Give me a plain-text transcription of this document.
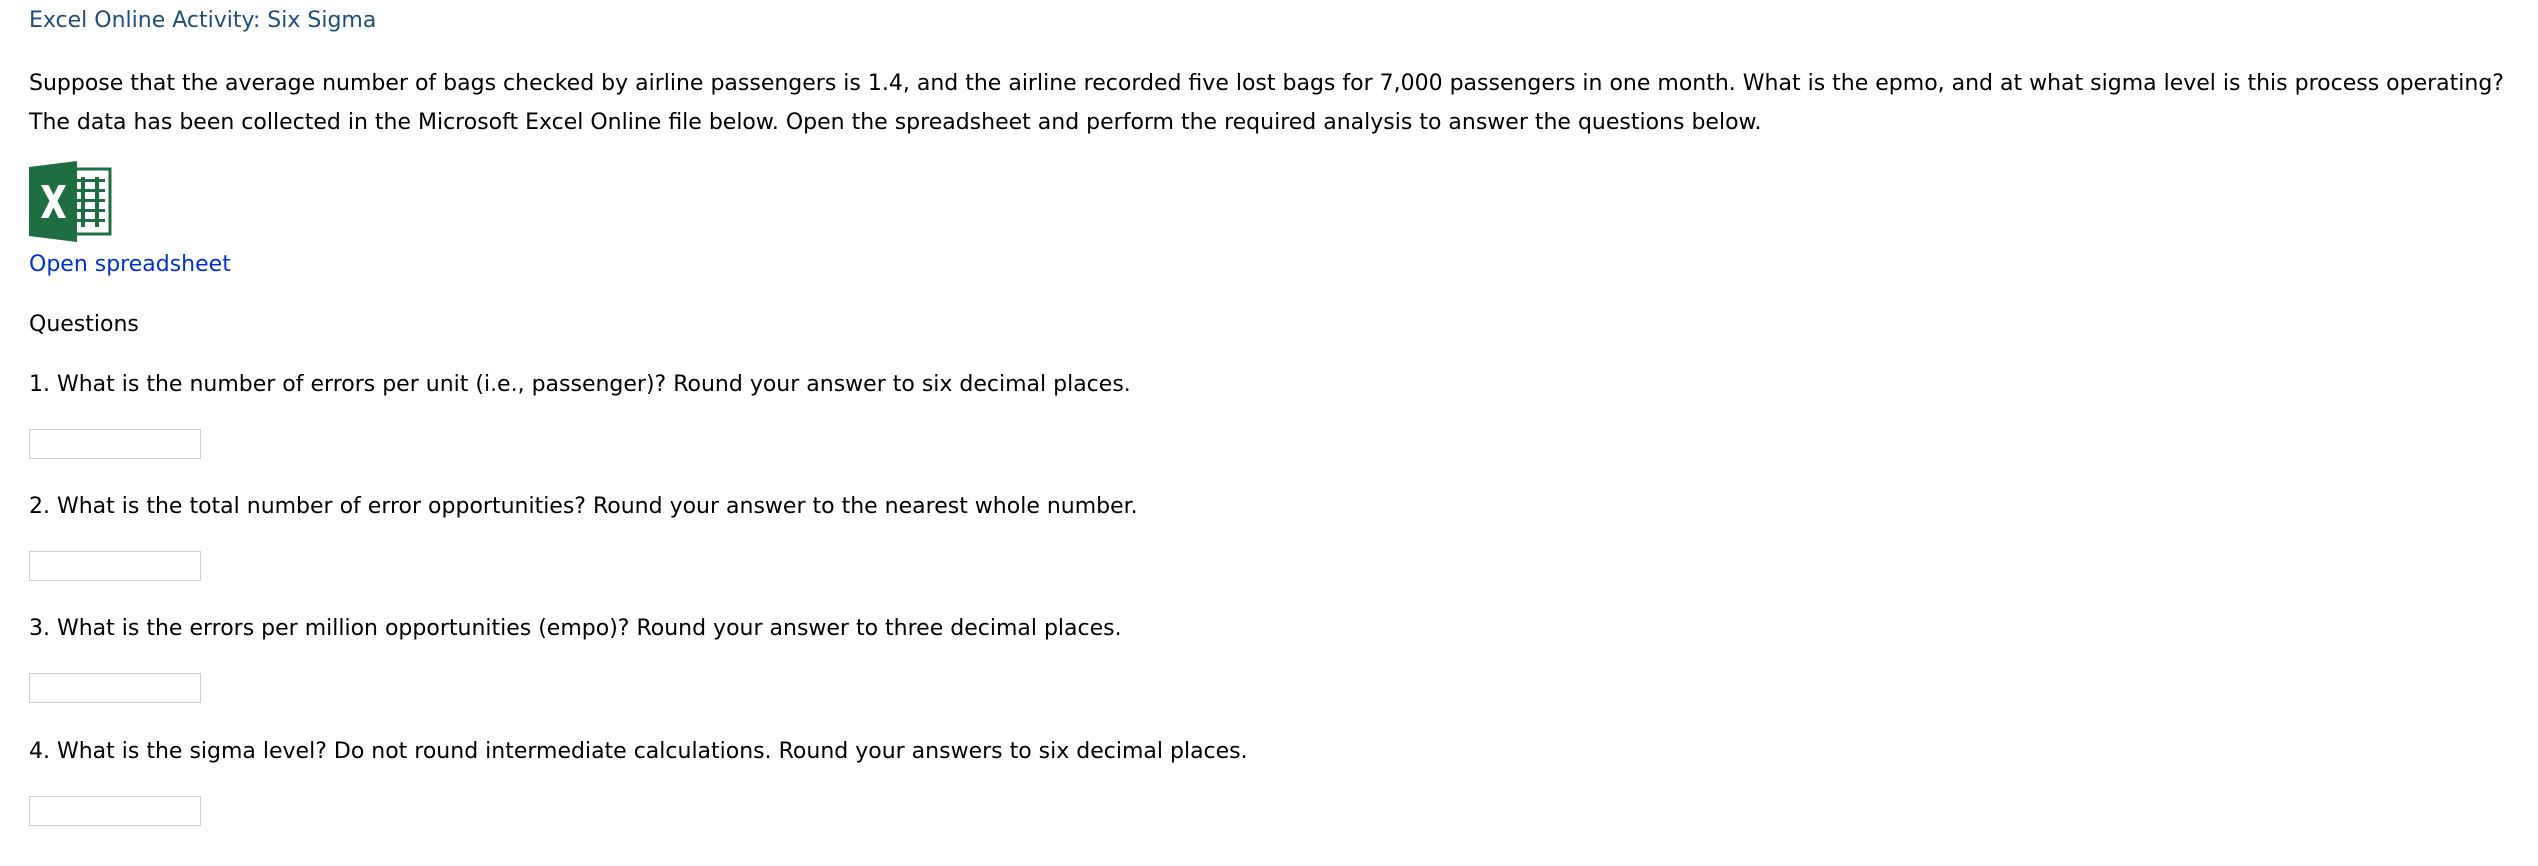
Excel Online Activity: Six Sigma

Suppose that the average number of bags checked by airline passengers is 1.4, and the airline recorded five lost bags for 7,000 passengers in one month. What is the epmo, and at what sigma level is this process operating?

The data has been collected in the Microsoft Excel Online file below. Open the spreadsheet and perform the required analysis to answer the questions below.

Open spreadsheet
Questions
1. What is the number of errors per unit (i.e., passenger)? Round your answer to six decimal places.
2. What is the total number of error opportunities? Round your answer to the nearest whole number.
3. What is the errors per million opportunities (empo)? Round your answer to three decimal places.
4. What is the sigma level? Do not round intermediate calculations. Round your answers to six decimal places.
